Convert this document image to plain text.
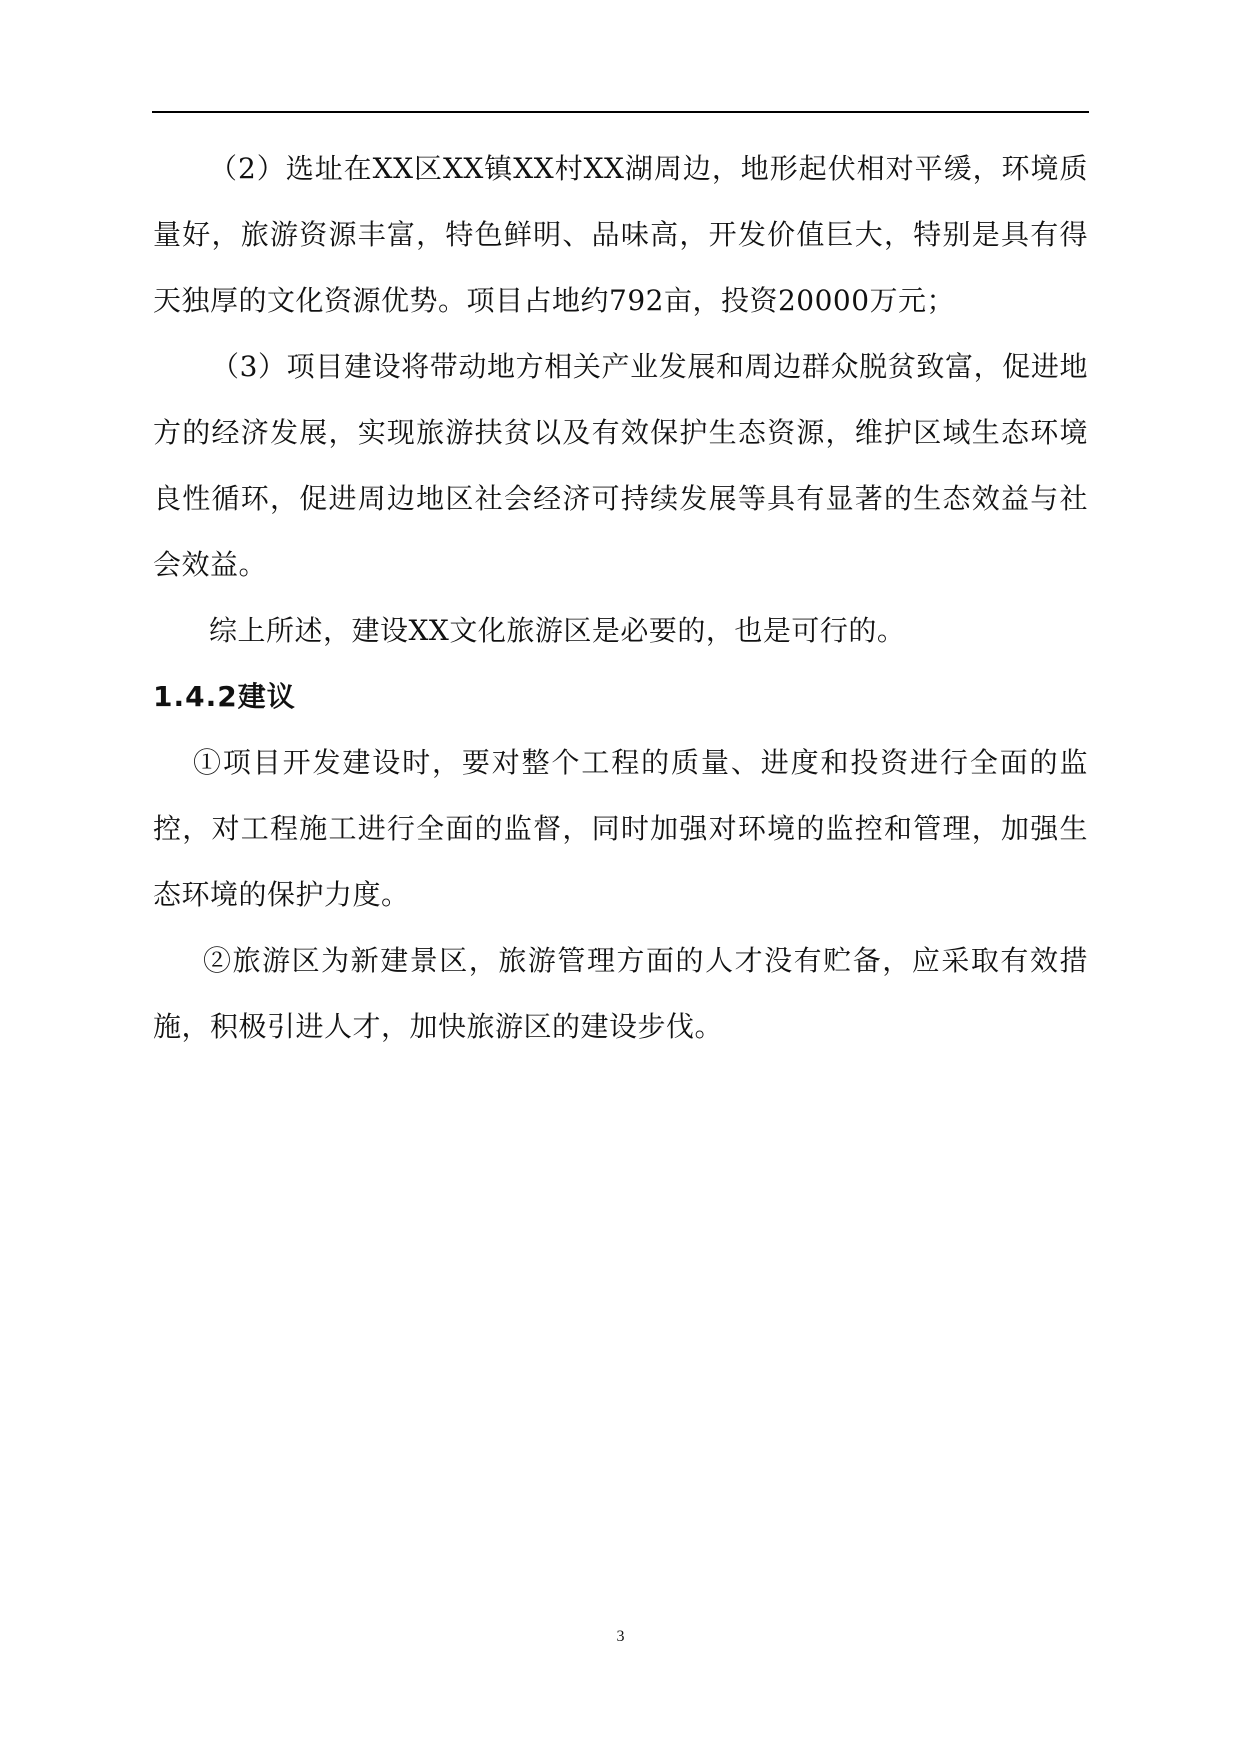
（2）选址在XX区XX镇XX村XX湖周边，地形起伏相对平缓，环境质量好，旅游资源丰富，特色鲜明、品味高，开发价值巨大，特别是具有得天独厚的文化资源优势。项目占地约792亩，投资20000万元；

（3）项目建设将带动地方相关产业发展和周边群众脱贫致富，促进地方的经济发展，实现旅游扶贫以及有效保护生态资源，维护区域生态环境良性循环，促进周边地区社会经济可持续发展等具有显著的生态效益与社会效益。

综上所述，建设XX文化旅游区是必要的，也是可行的。

1.4.2建议

①项目开发建设时，要对整个工程的质量、进度和投资进行全面的监控，对工程施工进行全面的监督，同时加强对环境的监控和管理，加强生态环境的保护力度。

②旅游区为新建景区，旅游管理方面的人才没有贮备，应采取有效措施，积极引进人才，加快旅游区的建设步伐。

3
